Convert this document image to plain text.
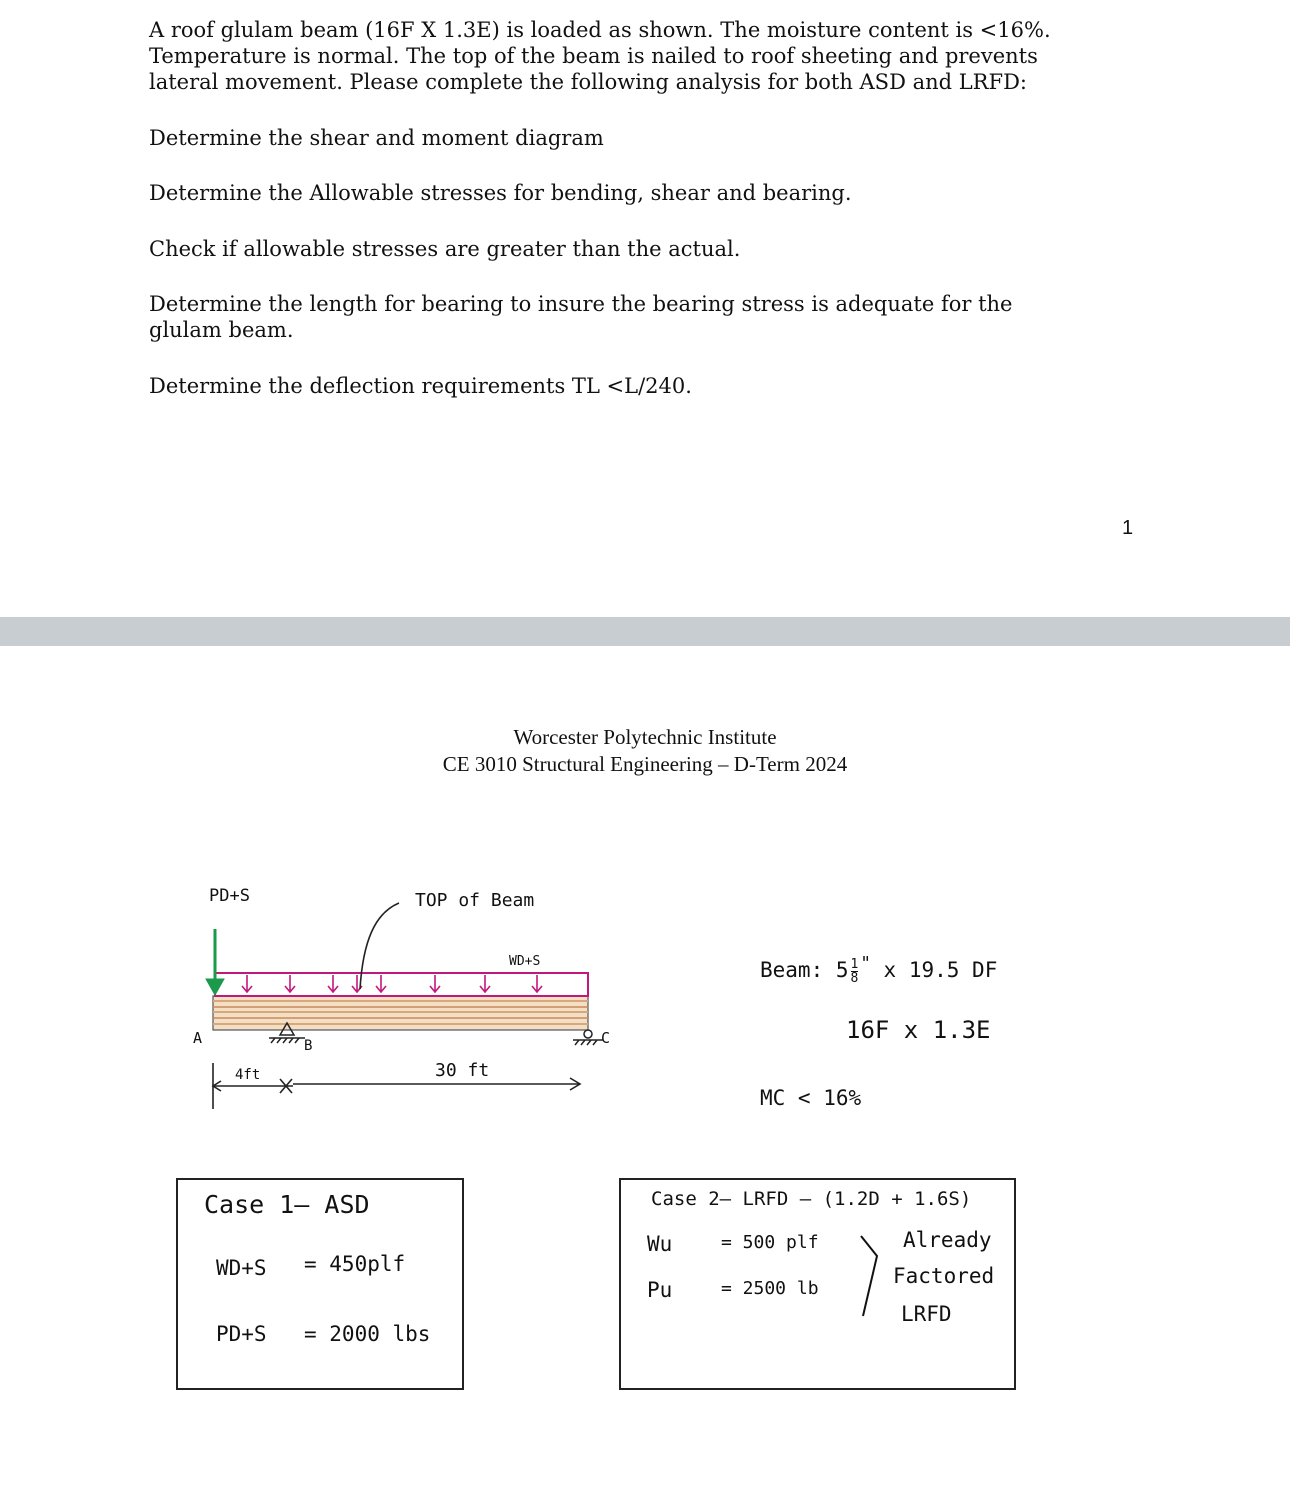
A roof glulam beam (16F X 1.3E) is loaded as shown. The moisture content is <16%.
Temperature is normal. The top of the beam is nailed to roof sheeting and prevents
lateral movement. Please complete the following analysis for both ASD and LRFD:

Determine the shear and moment diagram

Determine the Allowable stresses for bending, shear and bearing.

Check if allowable stresses are greater than the actual.

Determine the length for bearing to insure the bearing stress is adequate for the
glulam beam.

Determine the deflection requirements TL <L/240.

1
Worcester Polytechnic Institute
CE 3010 Structural Engineering – D-Term 2024
PD+S	TOP of Beam
WD+S
A	B	C
4ft	30 ft
Beam: $5 \frac{1}{8} ^"$ x 19.5 DF
16F x 1.3E
MC < 16%
Case 1– ASD
WD+S = 450plf
PD+S = 2000 lbs
Case 2– LRFD – (1.2D + 1.6S)
Wu	= 500 plf
Pu	= 2500 lb
Already
Factored
LRFD
